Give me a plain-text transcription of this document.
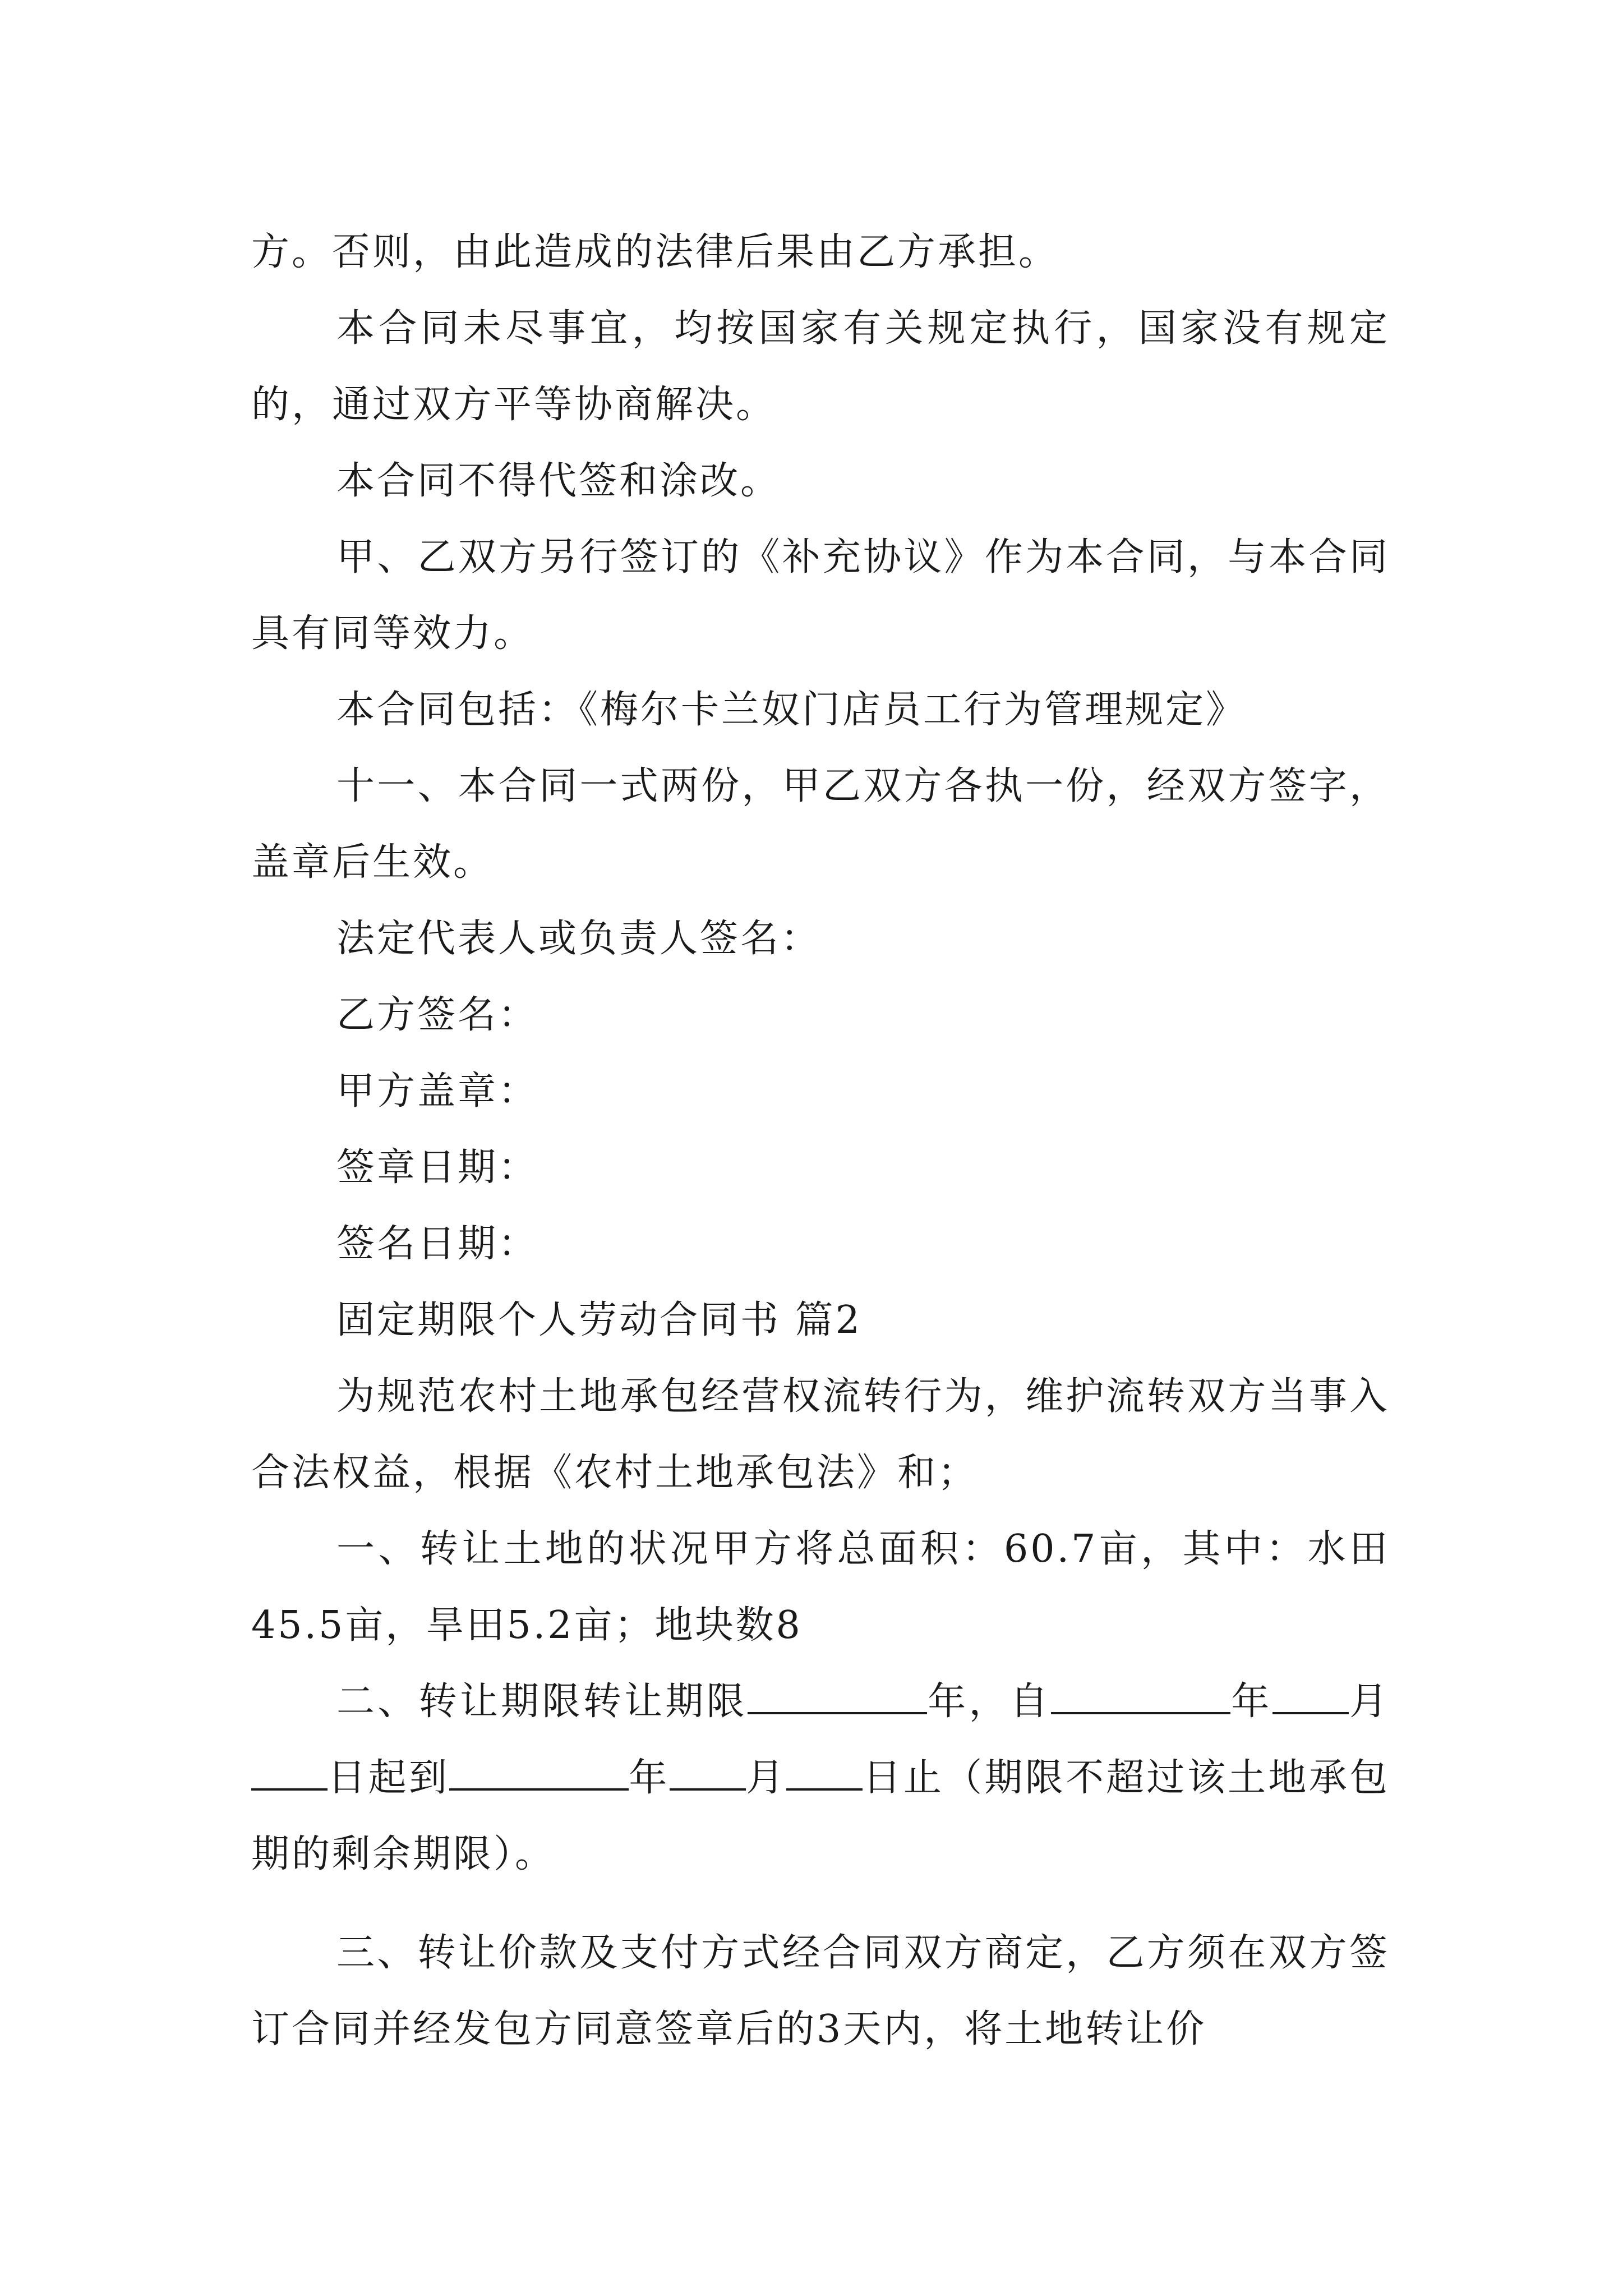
方。否则，由此造成的法律后果由乙方承担。

本合同未尽事宜，均按国家有关规定执行，国家没有规定的，通过双方平等协商解决。

本合同不得代签和涂改。

甲、乙双方另行签订的《补充协议》作为本合同，与本合同具有同等效力。

本合同包括：《梅尔卡兰奴门店员工行为管理规定》

十一、本合同一式两份，甲乙双方各执一份，经双方签字，盖章后生效。

法定代表人或负责人签名：

乙方签名：

甲方盖章：

签章日期：

签名日期：

固定期限个人劳动合同书 篇2

为规范农村土地承包经营权流转行为，维护流转双方当事入合法权益，根据《农村土地承包法》和；

一、转让土地的状况甲方将总面积：60.7亩，其中：水田45.5亩，旱田5.2亩；地块数8

二、转让期限转让期限	年，自	年 月日起到	年 月 日止（期限不超过该土地承包期的剩余期限）。

三、转让价款及支付方式经合同双方商定，乙方须在双方签订合同并经发包方同意签章后的3天内，将土地转让价
